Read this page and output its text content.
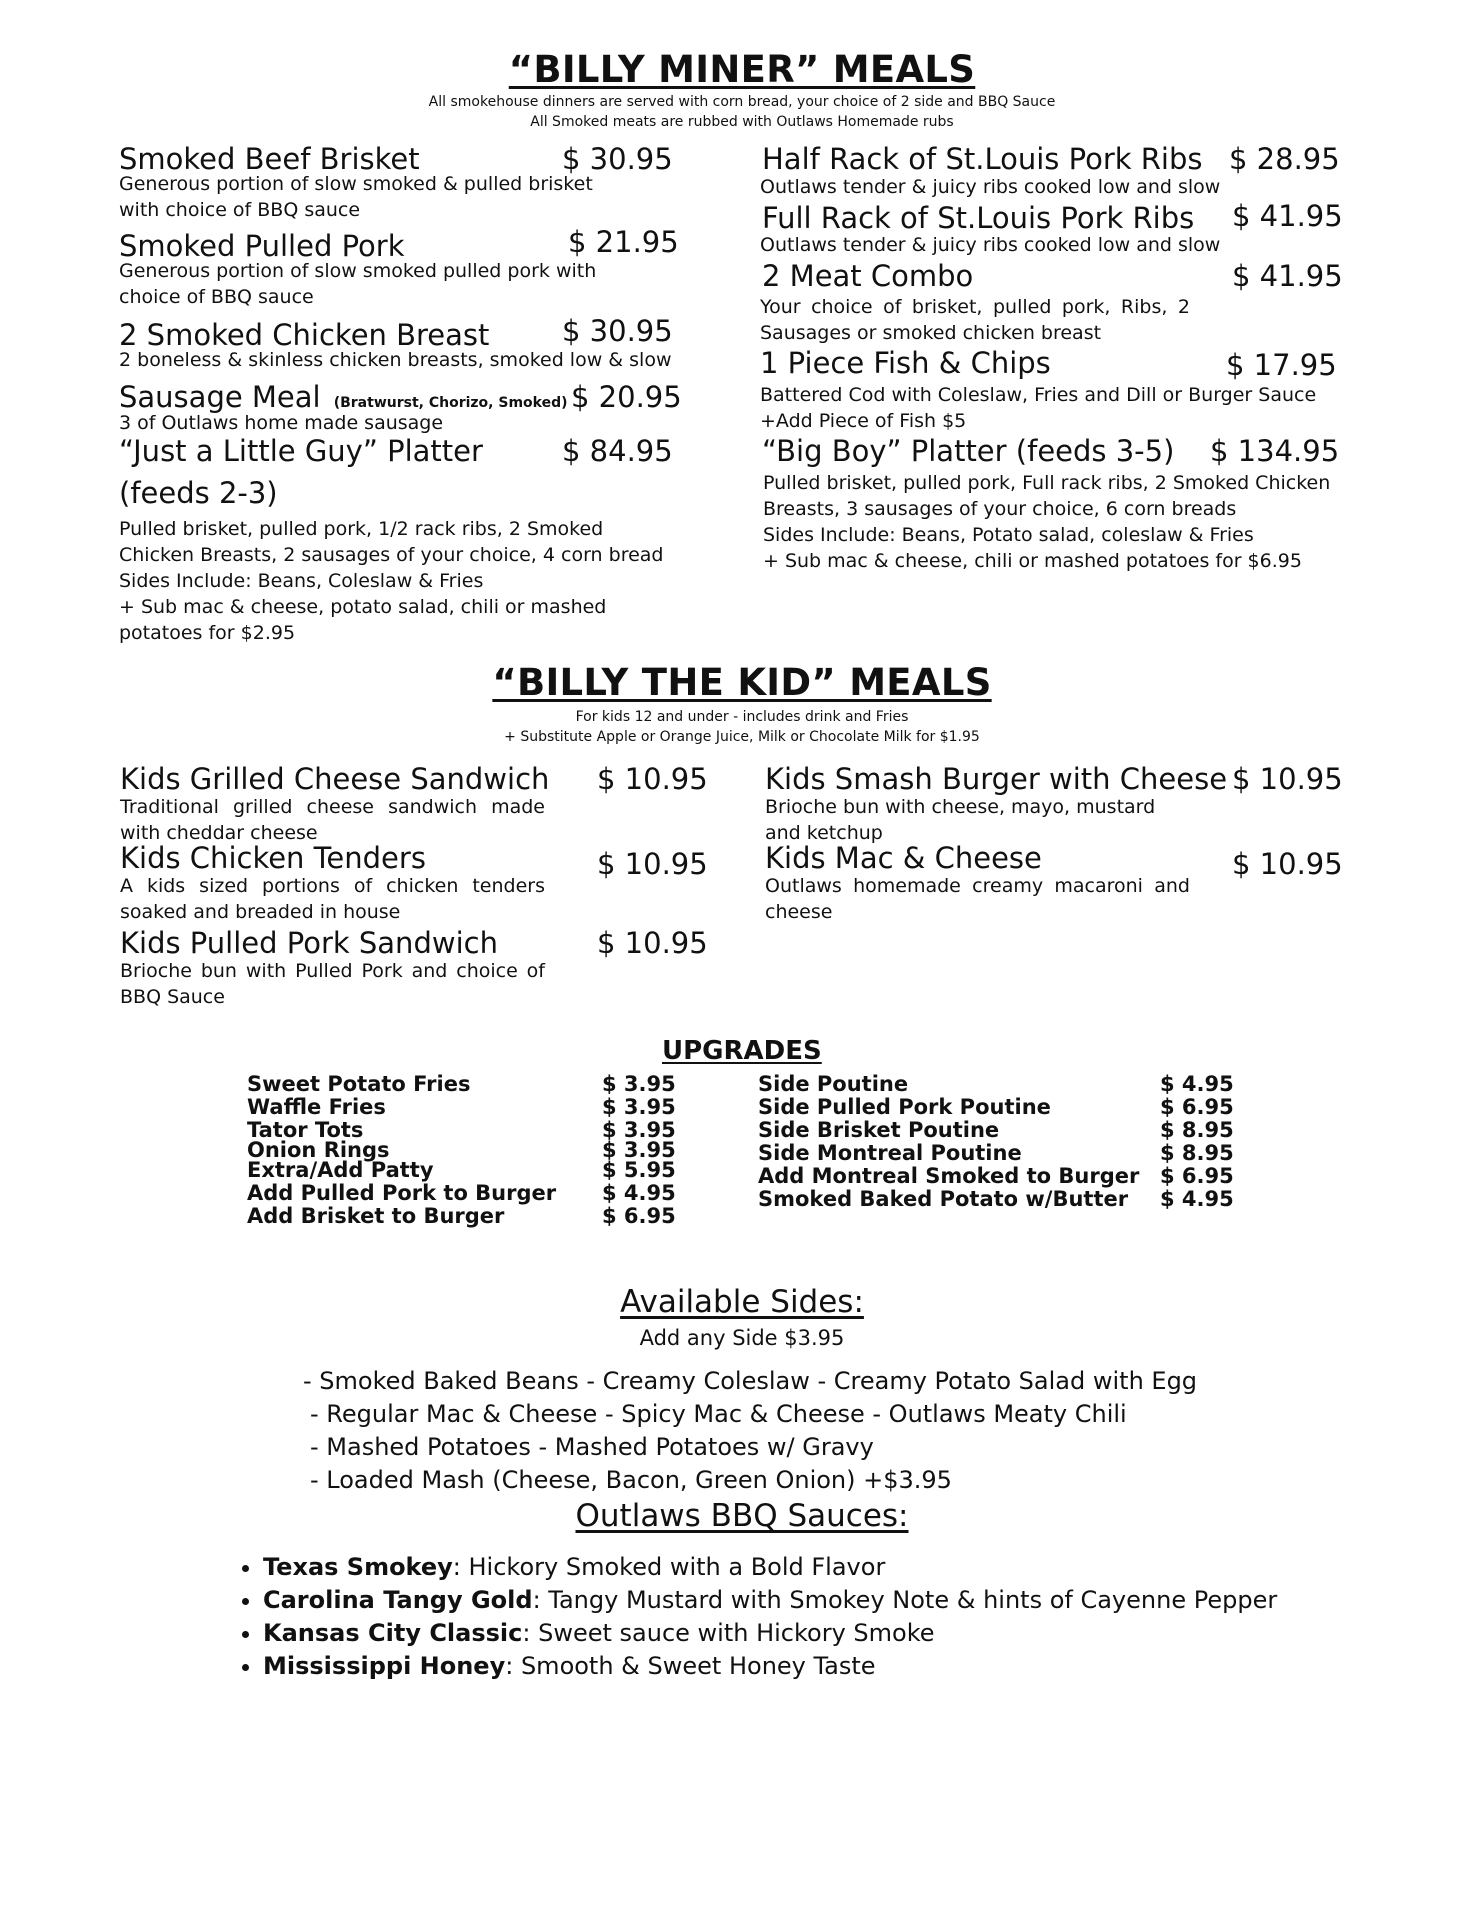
“BILLY MINER” MEALS
All smokehouse dinners are served with corn bread, your choice of 2 side and BBQ Sauce
All Smoked meats are rubbed with Outlaws Homemade rubs
Smoked Beef Brisket	$ 30.95
Generous portion of slow smoked & pulled brisket with choice of BBQ sauce
Smoked Pulled Pork	$ 21.95
Generous portion of slow smoked pulled pork with choice of BBQ sauce
2 Smoked Chicken Breast	$ 30.95
2 boneless & skinless chicken breasts, smoked low & slow
Sausage Meal (Bratwurst, Chorizo, Smoked) $ 20.95
3 of Outlaws home made sausage
“Just a Little Guy” Platter	$ 84.95
(feeds 2-3)
Pulled brisket, pulled pork, 1/2 rack ribs, 2 Smoked Chicken Breasts, 2 sausages of your choice, 4 corn bread
Sides Include: Beans, Coleslaw & Fries
+ Sub mac & cheese, potato salad, chili or mashed potatoes for $2.95
Half Rack of St.Louis Pork Ribs $ 28.95
Outlaws tender & juicy ribs cooked low and slow
Full Rack of St.Louis Pork Ribs $ 41.95
Outlaws tender & juicy ribs cooked low and slow
2 Meat Combo	$ 41.95
Your choice of brisket, pulled pork, Ribs, 2 Sausages or smoked chicken breast
1 Piece Fish & Chips	$ 17.95
Battered Cod with Coleslaw, Fries and Dill or Burger Sauce
+Add Piece of Fish $5
“Big Boy” Platter (feeds 3-5) $ 134.95
Pulled brisket, pulled pork, Full rack ribs, 2 Smoked Chicken Breasts, 3 sausages of your choice, 6 corn breads
Sides Include: Beans, Potato salad, coleslaw & Fries
+ Sub mac & cheese, chili or mashed potatoes for $6.95
“BILLY THE KID” MEALS
For kids 12 and under - includes drink and Fries
+ Substitute Apple or Orange Juice, Milk or Chocolate Milk for $1.95
Kids Grilled Cheese Sandwich $ 10.95
Traditional grilled cheese sandwich made with cheddar cheese
Kids Chicken Tenders	$ 10.95
A kids sized portions of chicken tenders soaked and breaded in house
Kids Pulled Pork Sandwich	$ 10.95
Brioche bun with Pulled Pork and choice of BBQ Sauce
Kids Smash Burger with Cheese $ 10.95
Brioche bun with cheese, mayo, mustard and ketchup
Kids Mac & Cheese	$ 10.95
Outlaws homemade creamy macaroni and cheese
UPGRADES
Sweet Potato Fries	$ 3.95
Waffle Fries	$ 3.95
Tator Tots	$ 3.95
Onion Rings	$ 3.95
Extra/Add Patty	$ 5.95
Add Pulled Pork to Burger $ 4.95
Add Brisket to Burger	$ 6.95
Side Poutine	$ 4.95
Side Pulled Pork Poutine	$ 6.95
Side Brisket Poutine	$ 8.95
Side Montreal Poutine	$ 8.95
Add Montreal Smoked to Burger $ 6.95
Smoked Baked Potato w/Butter $ 4.95
Available Sides:
Add any Side $3.95
- Smoked Baked Beans - Creamy Coleslaw - Creamy Potato Salad with Egg
- Regular Mac & Cheese - Spicy Mac & Cheese - Outlaws Meaty Chili
- Mashed Potatoes - Mashed Potatoes w/ Gravy
- Loaded Mash (Cheese, Bacon, Green Onion) +$3.95
Outlaws BBQ Sauces:
• Texas Smokey: Hickory Smoked with a Bold Flavor
• Carolina Tangy Gold: Tangy Mustard with Smokey Note & hints of Cayenne Pepper
• Kansas City Classic: Sweet sauce with Hickory Smoke
• Mississippi Honey: Smooth & Sweet Honey Taste
